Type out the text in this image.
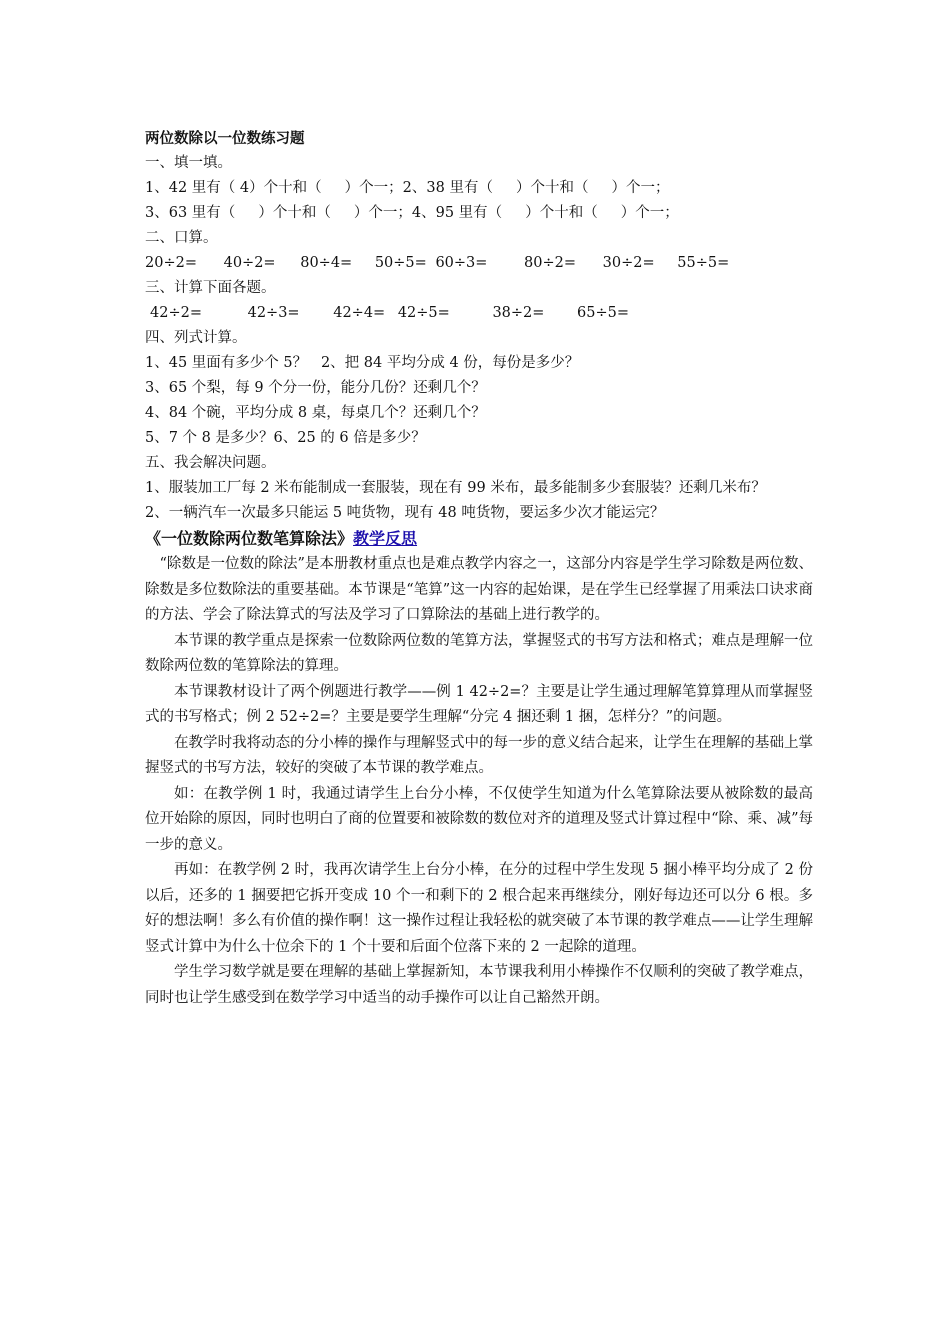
两位数除以一位数练习题
一、填一填。
1、42 里有（ 4）个十和（     ）个一；2、38 里有（     ）个十和（     ）个一；
3、63 里有（     ）个十和（     ）个一；4、95 里有（     ）个十和（     ）个一；
二、口算。
20÷2= 40÷2= 80÷4= 50÷5= 60÷3=	80÷2= 30÷2= 55÷5=
三、计算下面各题。
42÷2=	42÷3= 42÷4= 42÷5=	38÷2= 65÷5=
四、列式计算。
1、45 里面有多少个 5？   2、把 84 平均分成 4 份，每份是多少？
3、65 个梨，每 9 个分一份，能分几份？还剩几个？
4、84 个碗，平均分成 8 桌，每桌几个？还剩几个？
5、7 个 8 是多少？6、25 的 6 倍是多少？
五、我会解决问题。
1、服装加工厂每 2 米布能制成一套服装，现在有 99 米布，最多能制多少套服装？还剩几米布？
2、一辆汽车一次最多只能运 5 吨货物，现有 48 吨货物，要运多少次才能运完？
《一位数除两位数笔算除法》教学反思

“除数是一位数的除法”是本册教材重点也是难点教学内容之一，这部分内容是学生学习除数是两位数、除数是多位数除法的重要基础。本节课是“笔算”这一内容的起始课，是在学生已经掌握了用乘法口诀求商的方法、学会了除法算式的写法及学习了口算除法的基础上进行教学的。

本节课的教学重点是探索一位数除两位数的笔算方法，掌握竖式的书写方法和格式；难点是理解一位数除两位数的笔算除法的算理。

本节课教材设计了两个例题进行教学——例 1 42÷2=？主要是让学生通过理解笔算算理从而掌握竖式的书写格式；例 2 52÷2=？主要是要学生理解“分完 4 捆还剩 1 捆，怎样分？”的问题。

在教学时我将动态的分小棒的操作与理解竖式中的每一步的意义结合起来，让学生在理解的基础上掌握竖式的书写方法，较好的突破了本节课的教学难点。

如：在教学例 1 时，我通过请学生上台分小棒，不仅使学生知道为什么笔算除法要从被除数的最高位开始除的原因，同时也明白了商的位置要和被除数的数位对齐的道理及竖式计算过程中“除、乘、减”每一步的意义。

再如：在教学例 2 时，我再次请学生上台分小棒，在分的过程中学生发现 5 捆小棒平均分成了 2 份以后，还多的 1 捆要把它拆开变成 10 个一和剩下的 2 根合起来再继续分，刚好每边还可以分 6 根。多好的想法啊！多么有价值的操作啊！这一操作过程让我轻松的就突破了本节课的教学难点——让学生理解竖式计算中为什么十位余下的 1 个十要和后面个位落下来的 2 一起除的道理。

学生学习数学就是要在理解的基础上掌握新知，本节课我利用小棒操作不仅顺利的突破了教学难点，同时也让学生感受到在数学学习中适当的动手操作可以让自己豁然开朗。
